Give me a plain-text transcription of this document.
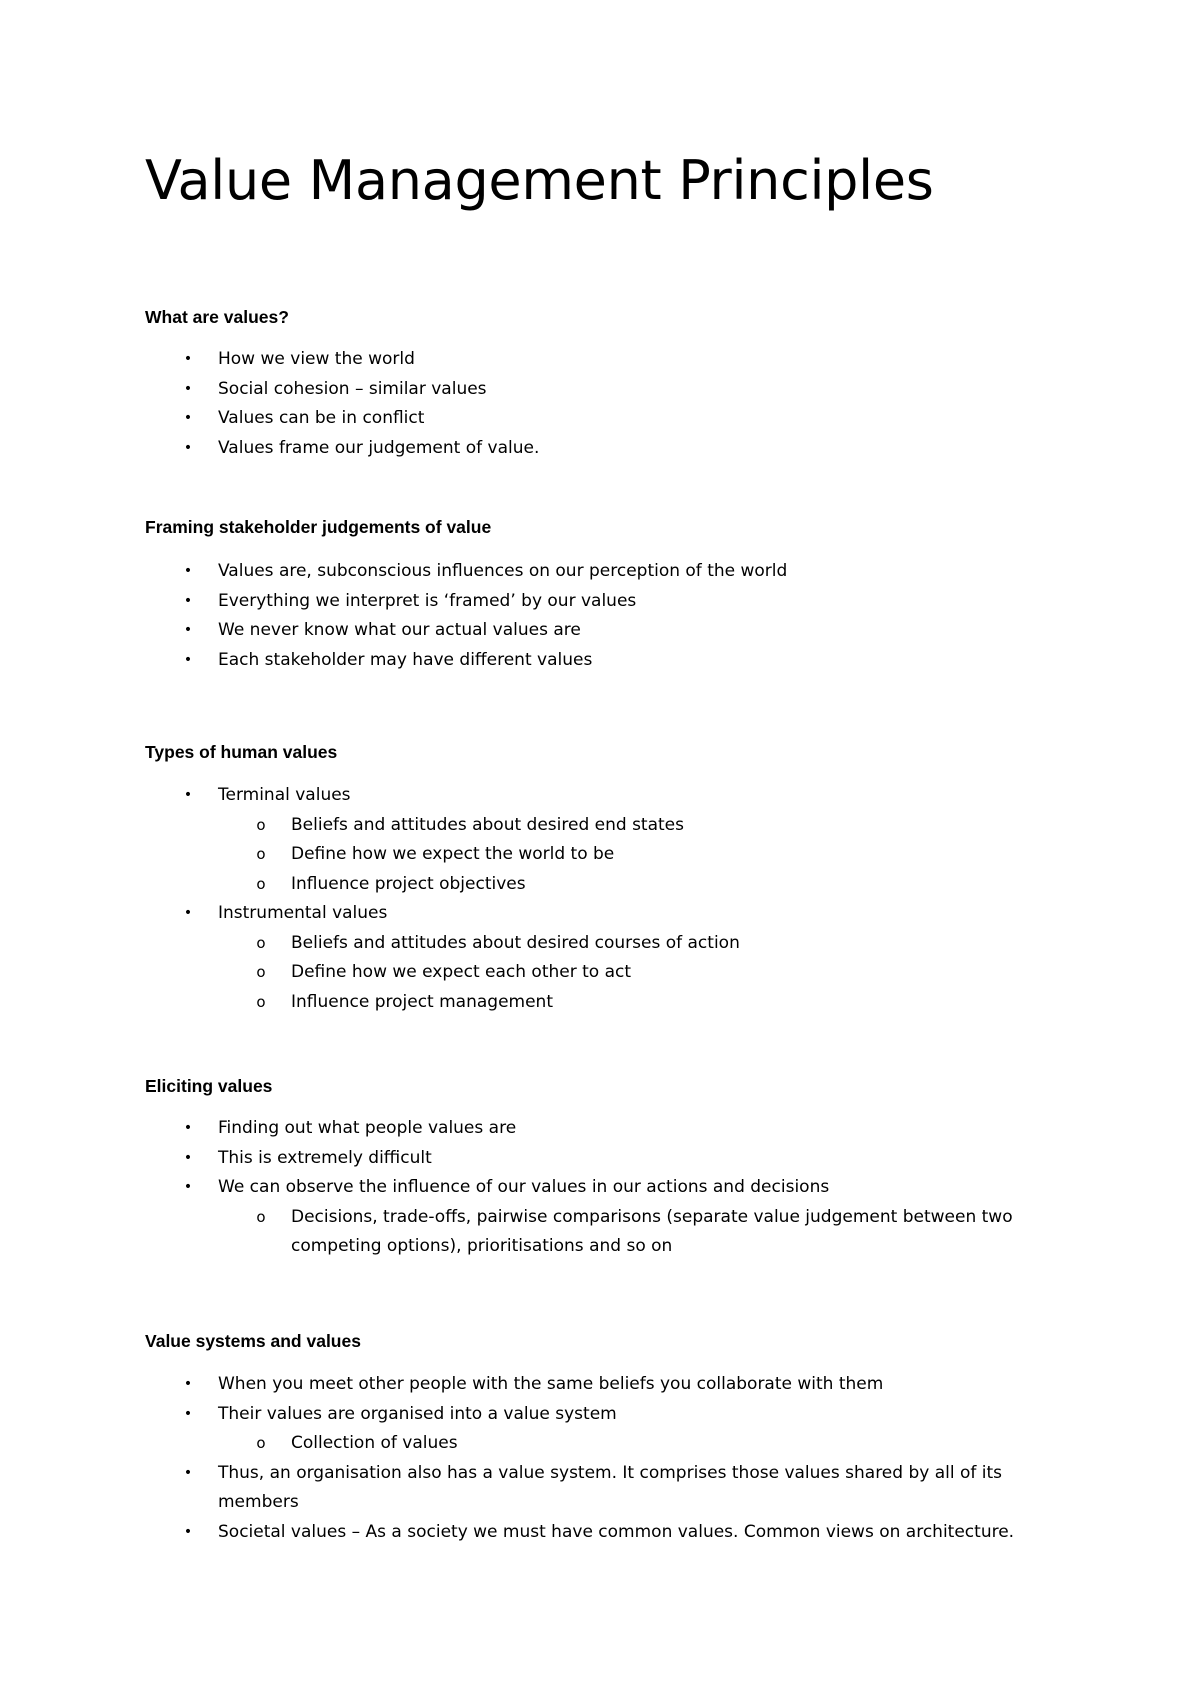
Value Management Principles
What are values?
• How we view the world
• Social cohesion – similar values
• Values can be in conflict
• Values frame our judgement of value.
Framing stakeholder judgements of value
• Values are, subconscious influences on our perception of the world
• Everything we interpret is ‘framed’ by our values
• We never know what our actual values are
• Each stakeholder may have different values
Types of human values
• Terminal values
o Beliefs and attitudes about desired end states
o Define how we expect the world to be
o Influence project objectives
• Instrumental values
o Beliefs and attitudes about desired courses of action
o Define how we expect each other to act
o Influence project management
Eliciting values
• Finding out what people values are
• This is extremely difficult
• We can observe the influence of our values in our actions and decisions
o Decisions, trade-offs, pairwise comparisons (separate value judgement between two competing options), prioritisations and so on
Value systems and values
• When you meet other people with the same beliefs you collaborate with them
• Their values are organised into a value system
o Collection of values
• Thus, an organisation also has a value system. It comprises those values shared by all of its members
• Societal values – As a society we must have common values. Common views on architecture.
